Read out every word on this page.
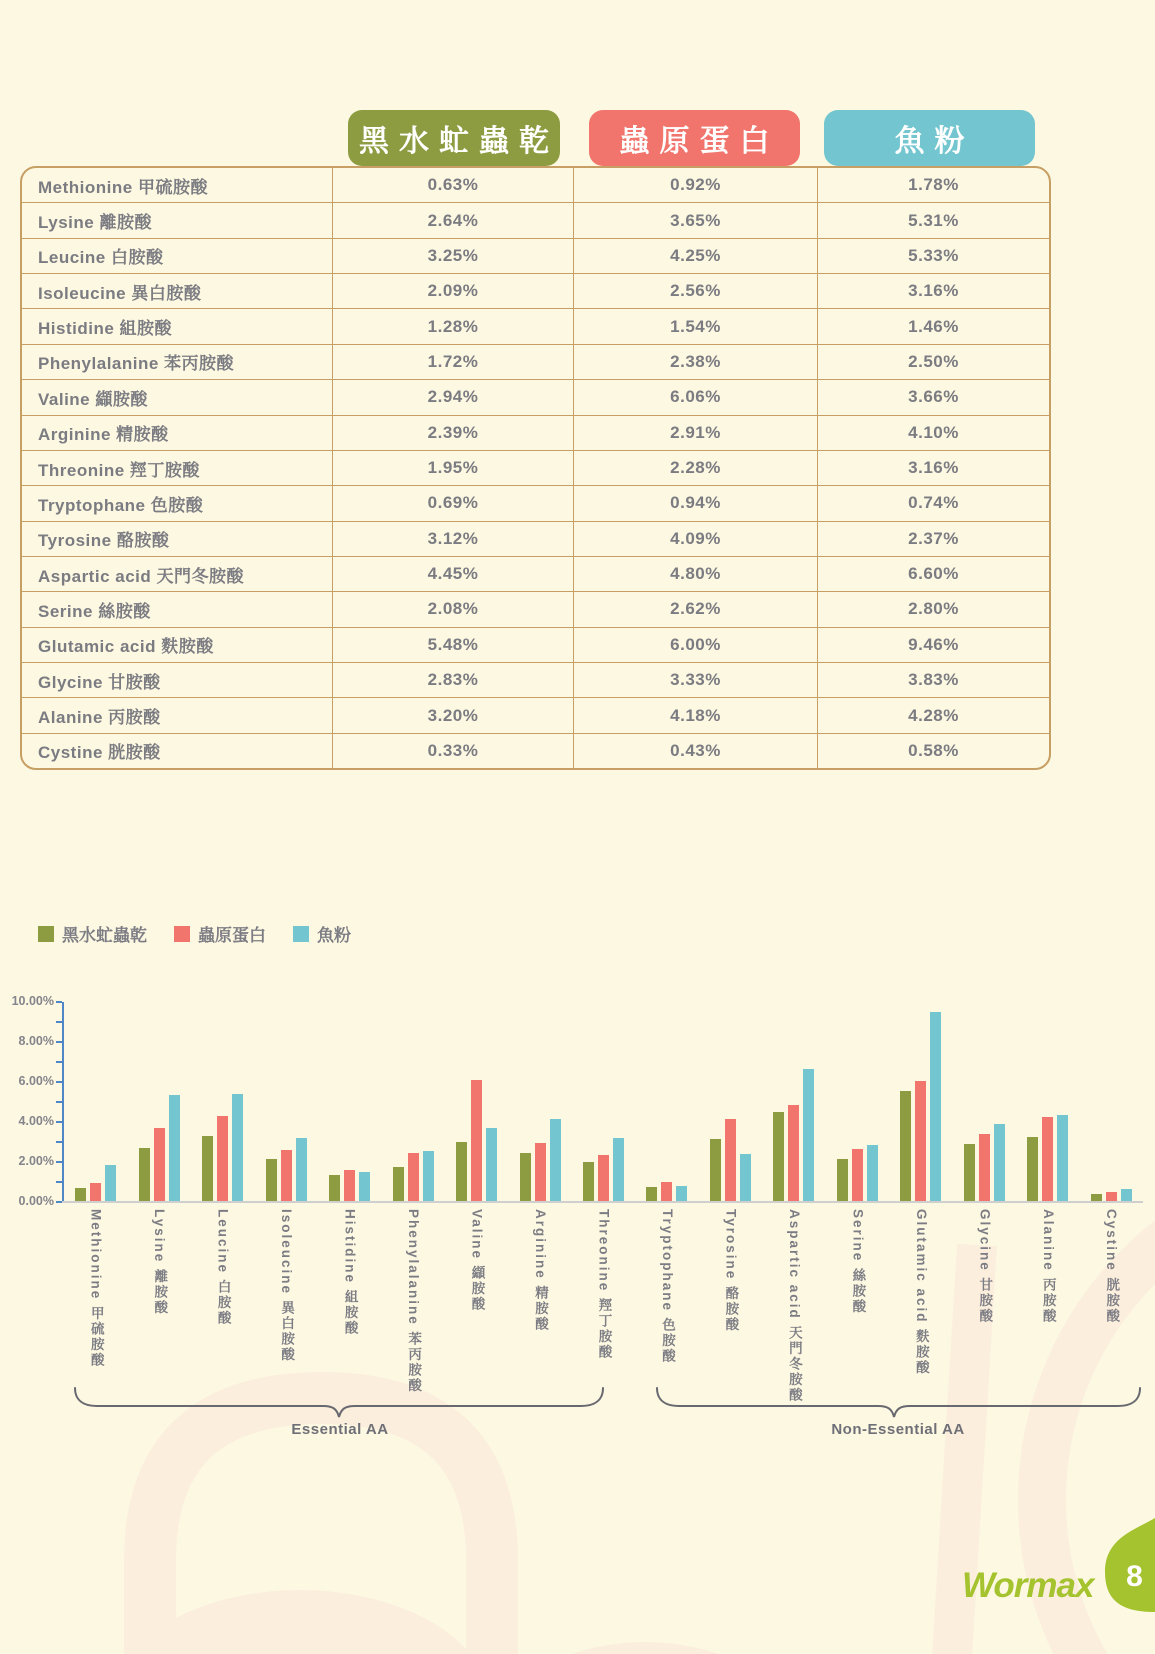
黑水虻蟲乾	蟲原蛋白	魚粉
Methionine 甲硫胺酸	0.63%	0.92%	1.78%
Lysine 離胺酸	2.64%	3.65%	5.31%
Leucine 白胺酸	3.25%	4.25%	5.33%
Isoleucine 異白胺酸	2.09%	2.56%	3.16%
Histidine 組胺酸	1.28%	1.54%	1.46%
Phenylalanine 苯丙胺酸	1.72%	2.38%	2.50%
Valine 纈胺酸	2.94%	6.06%	3.66%
Arginine 精胺酸	2.39%	2.91%	4.10%
Threonine 羥丁胺酸	1.95%	2.28%	3.16%
Tryptophane 色胺酸	0.69%	0.94%	0.74%
Tyrosine 酪胺酸	3.12%	4.09%	2.37%
Aspartic acid 天門冬胺酸	4.45%	4.80%	6.60%
Serine 絲胺酸	2.08%	2.62%	2.80%
Glutamic acid 麩胺酸	5.48%	6.00%	9.46%
Glycine 甘胺酸	2.83%	3.33%	3.83%
Alanine 丙胺酸	3.20%	4.18%	4.28%
Cystine 胱胺酸	0.33%	0.43%	0.58%
黑水虻蟲乾	蟲原蛋白	魚粉
10.00%
8.00%
6.00%
4.00%
2.00%
0.00%
Methionine 甲硫胺酸	Lysine 離胺酸	Leucine 白胺酸	Isoleucine 異白胺酸	Histidine 組胺酸	Phenylalanine 苯丙胺酸	Valine 纈胺酸	Arginine 精胺酸	Threonine 羥丁胺酸	Tryptophane 色胺酸	Tyrosine 酪胺酸	Aspartic acid 天門冬胺酸	Serine 絲胺酸	Glutamic acid 麩胺酸	Glycine 甘胺酸	Alanine 丙胺酸	Cystine 胱胺酸
Essential AA	Non-Essential AA
Wormax	8
